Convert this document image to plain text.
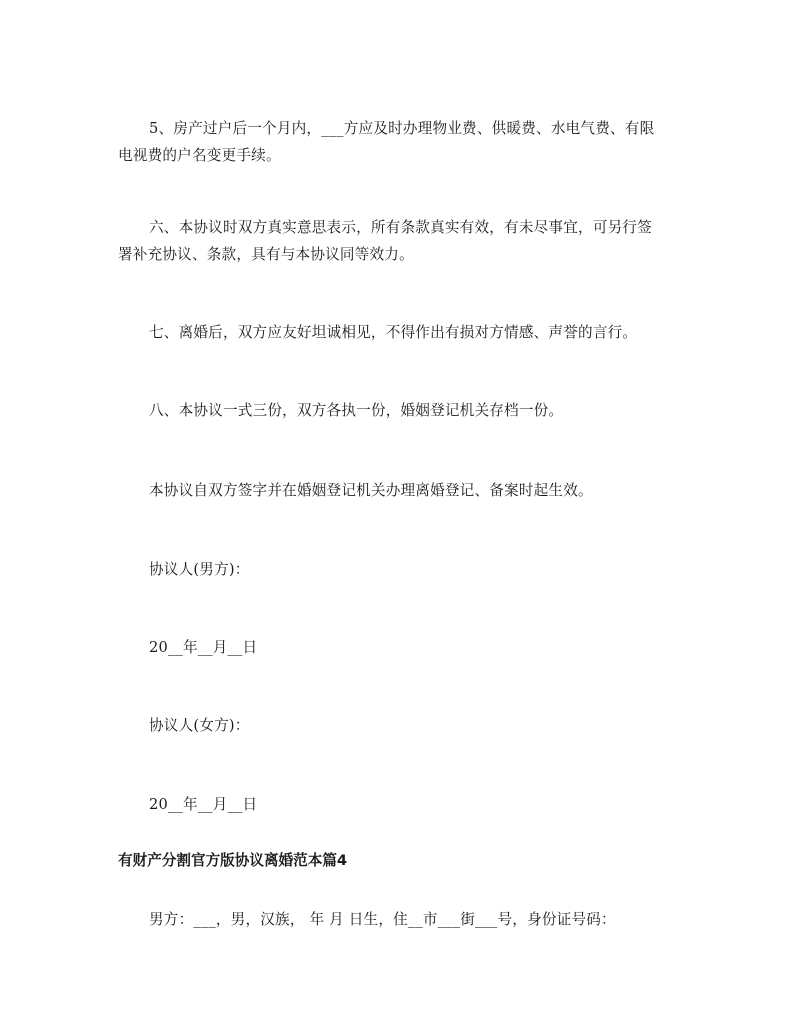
5、房产过户后一个月内，___方应及时办理物业费、供暖费、水电气费、有限电视费的户名变更手续。

六、本协议时双方真实意思表示，所有条款真实有效，有未尽事宜，可另行签署补充协议、条款，具有与本协议同等效力。

七、离婚后，双方应友好坦诚相见，不得作出有损对方情感、声誉的言行。

八、本协议一式三份，双方各执一份，婚姻登记机关存档一份。

本协议自双方签字并在婚姻登记机关办理离婚登记、备案时起生效。

协议人(男方)：

20__年__月__日

协议人(女方)：

20__年__月__日

有财产分割官方版协议离婚范本篇4

男方：___，男，汉族， 年 月 日生，住__市___街___号，身份证号码：
